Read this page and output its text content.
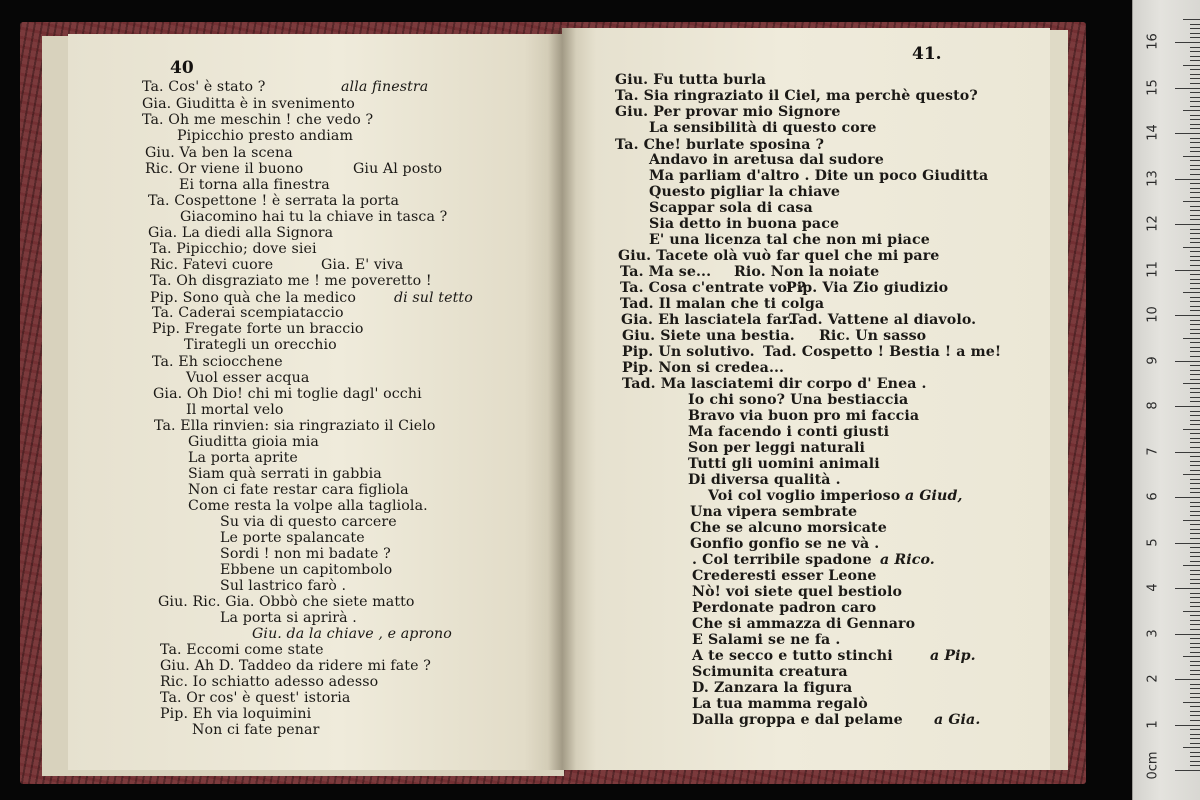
40
41.
Ta. Cos' è stato ?	alla finestra
Gia. Giuditta è in svenimento
Ta. Oh me meschin ! che vedo ?
Pipicchio presto andiam
Giu. Va ben la scena
Ric. Or viene il buono	Giu Al posto
Ei torna alla finestra
Ta. Cospettone ! è serrata la porta
Giacomino hai tu la chiave in tasca ?
Gia. La diedi alla Signora
Ta. Pipicchio; dove siei
Ric. Fatevi cuore	Gia. E' viva
Ta. Oh disgraziato me ! me poveretto !
Pip. Sono quà che la medico	di sul tetto
Ta. Caderai scempiataccio
Pip. Fregate forte un braccio
Tirategli un orecchio
Ta. Eh sciocchene
Vuol esser acqua
Gia. Oh Dio! chi mi toglie dagl' occhi
Il mortal velo
Ta. Ella rinvien: sia ringraziato il Cielo
Giuditta gioia mia
La porta aprite
Siam quà serrati in gabbia
Non ci fate restar cara figliola
Come resta la volpe alla tagliola.
Su via di questo carcere
Le porte spalancate
Sordi ! non mi badate ?
Ebbene un capitombolo
Sul lastrico farò .
Giu. Ric. Gia. Obbò che siete matto
La porta si aprirà .
Giu. da la chiave , e aprono
Ta. Eccomi come state
Giu. Ah D. Taddeo da ridere mi fate ?
Ric. Io schiatto adesso adesso
Ta. Or cos' è quest' istoria
Pip. Eh via loquimini
Non ci fate penar
Giu. Fu tutta burla
Ta. Sia ringraziato il Ciel, ma perchè questo?
Giu. Per provar mio Signore
La sensibilità di questo core
Ta. Che! burlate sposina ?
Andavo in aretusa dal sudore
Ma parliam d'altro . Dite un poco Giuditta
Questo pigliar la chiave
Scappar sola di casa
Sia detto in buona pace
E' una licenza tal che non mi piace
Giu. Tacete olà vuò far quel che mi pare
Ta. Ma se... Rio. Non la noiate
Ta. Cosa c'entrate voi ?
Pip. Via Zio giudizio
Tad. Il malan che ti colga
Gia. Eh lasciatela far.
Tad. Vattene al diavolo.
Giu. Siete una bestia. Ric. Un sasso
Pip. Un solutivo. Tad. Cospetto ! Bestia ! a me!
Pip. Non si credea...
Tad. Ma lasciatemi dir corpo d' Enea .
Io chi sono? Una bestiaccia
Bravo via buon pro mi faccia
Ma facendo i conti giusti
Son per leggi naturali
Tutti gli uomini animali
Di diversa qualità .
Voi col voglio imperioso a Giud,
Una vipera sembrate
Che se alcuno morsicate
Gonfio gonfio se ne và .
. Col terribile spadone a Rico.
Crederesti esser Leone
Nò! voi siete quel bestiolo
Perdonate padron caro
Che si ammazza di Gennaro
E Salami se ne fa .
A te secco e tutto stinchi	a Pip.
Scimunita creatura
D. Zanzara la figura
La tua mamma regalò
Dalla groppa e dal pelame a Gia.
0cm
1
2
3
4
5
6
7
8
9
10
11
12
13
14
15
16
